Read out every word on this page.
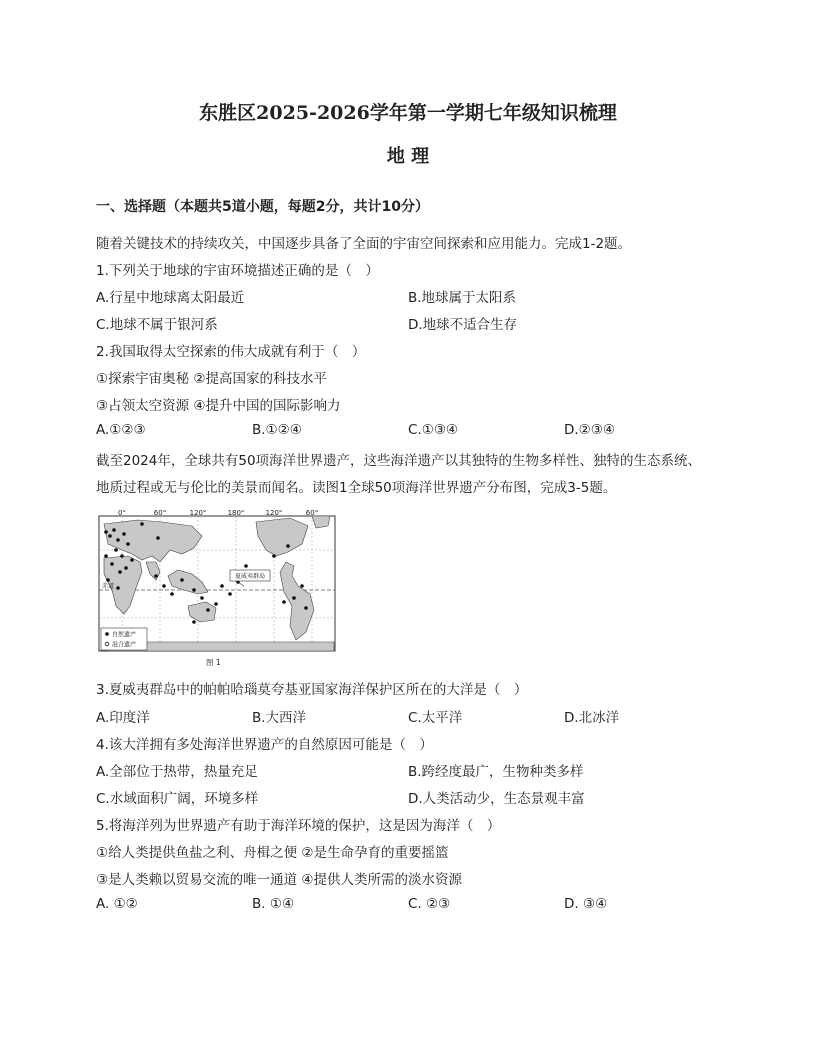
东胜区2025-2026学年第一学期七年级知识梳理
地 理
一、选择题（本题共5道小题，每题2分，共计10分）
随着关键技术的持续攻关，中国逐步具备了全面的宇宙空间探索和应用能力。完成1-2题。
1.下列关于地球的宇宙环境描述正确的是（　）
A.行星中地球离太阳最近	B.地球属于太阳系
C.地球不属于银河系	D.地球不适合生存
2.我国取得太空探索的伟大成就有利于（　）
①探索宇宙奥秘 ②提高国家的科技水平
③占领太空资源 ④提升中国的国际影响力
A.①②③	B.①②④	C.①③④	D.②③④
截至2024年，全球共有50项海洋世界遗产，这些海洋遗产以其独特的生物多样性、独特的生态系统、
地质过程或无与伦比的美景而闻名。读图1全球50项海洋世界遗产分布图，完成3-5题。
0°	60°	120°	180°	120°	60°
赤道
夏威夷群岛
自然遗产
混合遗产
图 1
3.夏威夷群岛中的帕帕哈瑙莫夸基亚国家海洋保护区所在的大洋是（　）
A.印度洋	B.大西洋	C.太平洋	D.北冰洋
4.该大洋拥有多处海洋世界遗产的自然原因可能是（　）
A.全部位于热带，热量充足	B.跨经度最广，生物种类多样
C.水域面积广阔，环境多样	D.人类活动少，生态景观丰富
5.将海洋列为世界遗产有助于海洋环境的保护，这是因为海洋（　）
①给人类提供鱼盐之利、舟楫之便 ②是生命孕育的重要摇篮
③是人类赖以贸易交流的唯一通道 ④提供人类所需的淡水资源
A. ①②	B. ①④	C. ②③	D. ③④
